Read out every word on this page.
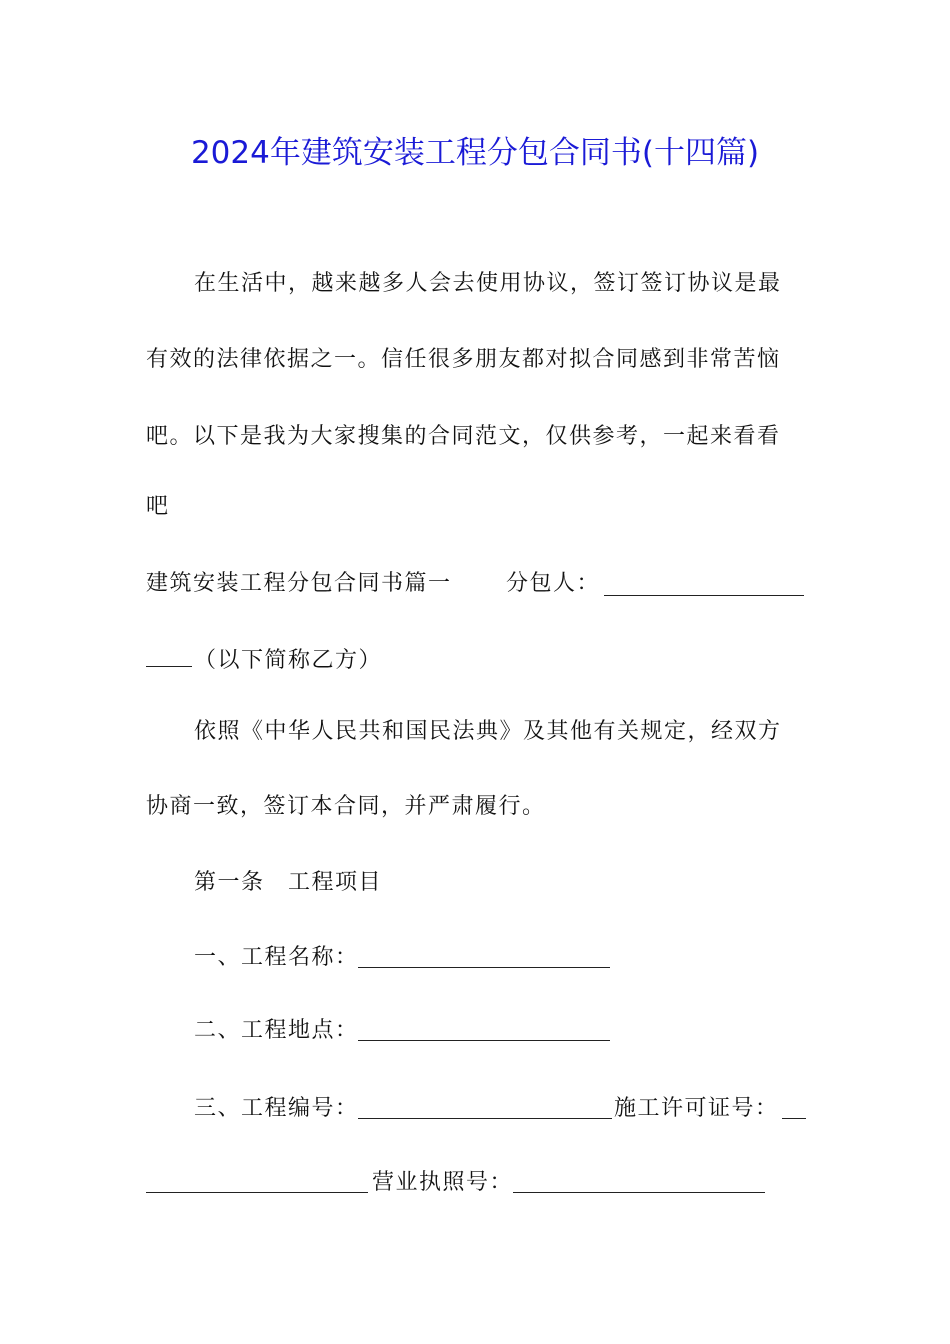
2024年建筑安装工程分包合同书(十四篇)
在生活中，越来越多人会去使用协议，签订签订协议是最
有效的法律依据之一。信任很多朋友都对拟合同感到非常苦恼
吧。以下是我为大家搜集的合同范文，仅供参考，一起来看看
吧
建筑安装工程分包合同书篇一 分包人：
（以下简称乙方）
依照《中华人民共和国民法典》及其他有关规定，经双方
协商一致，签订本合同，并严肃履行。
第一条　工程项目
一、工程名称：
二、工程地点：
三、工程编号：	施工许可证号：
营业执照号：
